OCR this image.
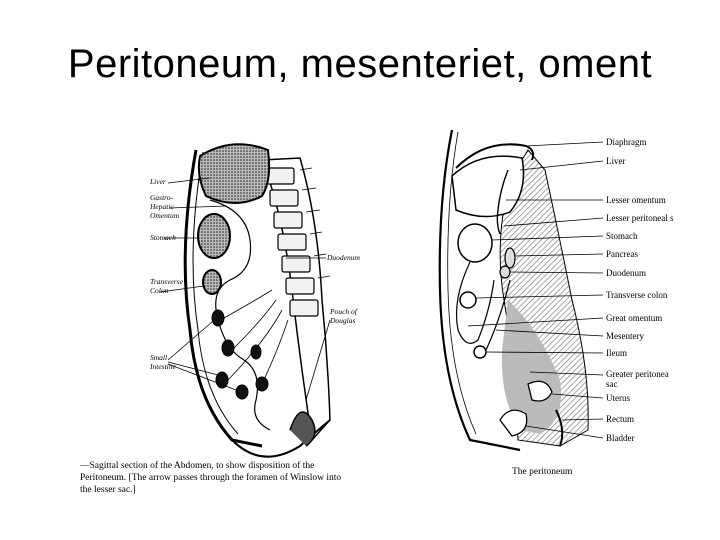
Peritoneum, mesenteriet, oment
Liver
Gastro-
Hepatic
Omentum
Stomach
Transverse
Colon
Small
Intestine
Duodenum
Pouch of
Douglas
—Sagittal section of the Abdomen, to show disposition of the
Peritoneum. [The arrow passes through the foramen of Winslow into
the lesser sac.]
Diaphragm
Liver
Lesser omentum
Lesser peritoneal s
Stomach
Pancreas
Duodenum
Transverse colon
Great omentum
Mesentery
Ileum
Greater peritonea
sac
Uterus
Rectum
Bladder
The peritoneum
